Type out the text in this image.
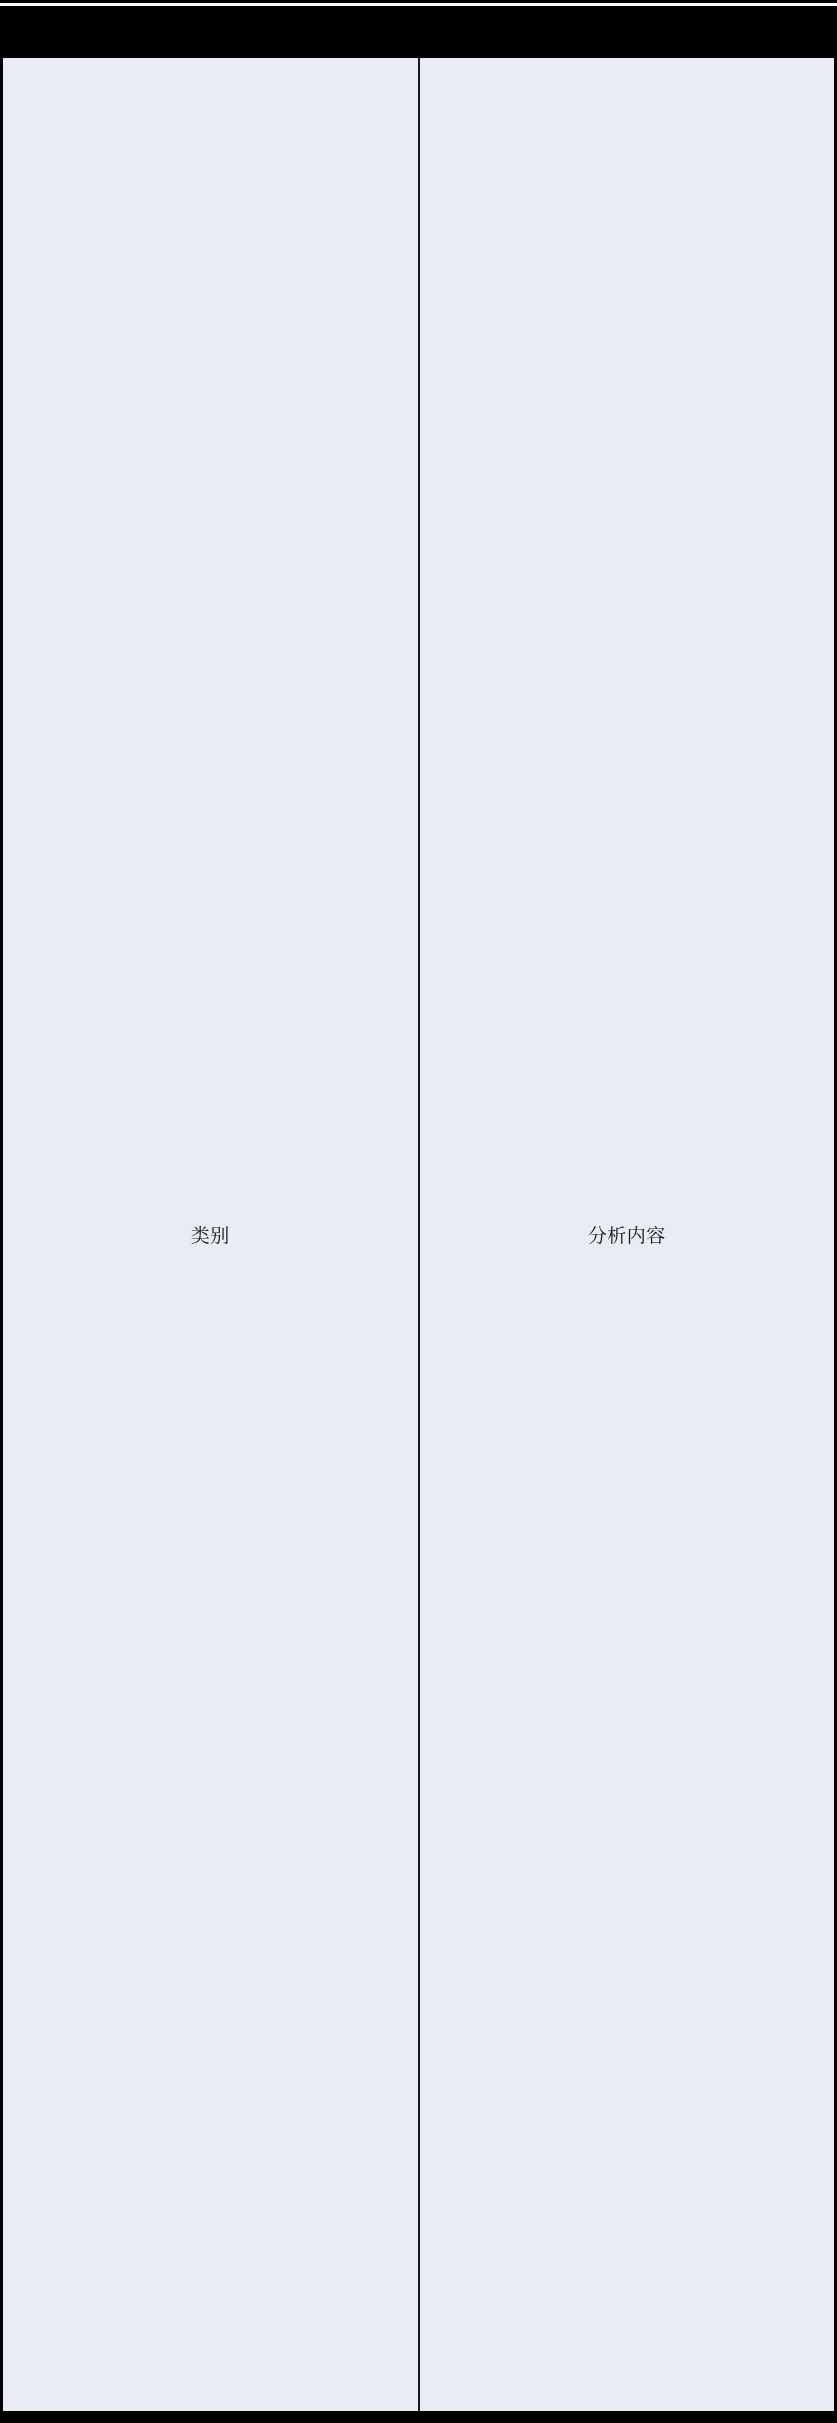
类别	分析内容
